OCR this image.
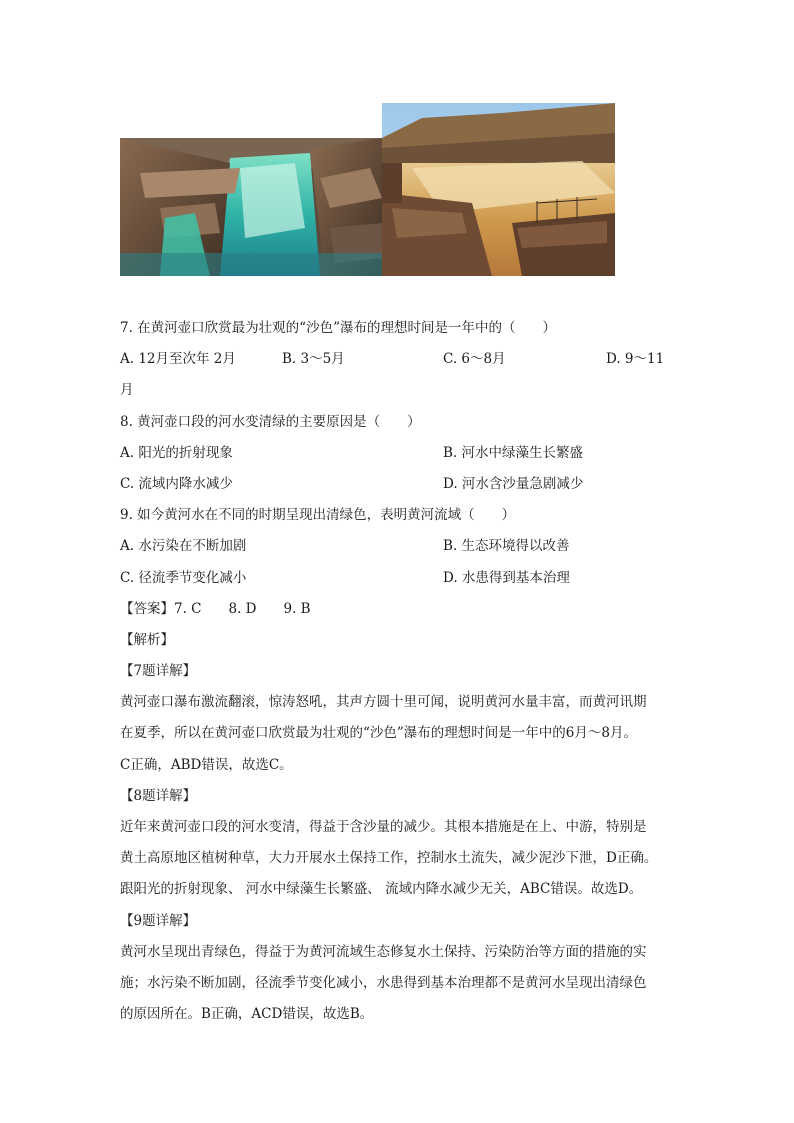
7. 在黄河壶口欣赏最为壮观的“沙色”瀑布的理想时间是一年中的（　　）
A. 12月至次年 2月	B. 3～5月	C. 6～8月	D. 9～11
月
8. 黄河壶口段的河水变清绿的主要原因是（　　）
A. 阳光的折射现象	B. 河水中绿藻生长繁盛
C. 流域内降水减少	D. 河水含沙量急剧减少
9. 如今黄河水在不同的时期呈现出清绿色，表明黄河流域（　　）
A. 水污染在不断加剧	B. 生态环境得以改善
C. 径流季节变化减小	D. 水患得到基本治理
【答案】7. C　　8. D　　9. B
【解析】
【7题详解】
黄河壶口瀑布激流翻滚，惊涛怒吼，其声方圆十里可闻，说明黄河水量丰富，而黄河讯期
在夏季，所以在黄河壶口欣赏最为壮观的“沙色”瀑布的理想时间是一年中的6月～8月。
C正确，ABD错误，故选C。
【8题详解】
近年来黄河壶口段的河水变清，得益于含沙量的减少。其根本措施是在上、中游，特别是
黄土高原地区植树种草，大力开展水土保持工作，控制水土流失，减少泥沙下泄，D正确。
跟阳光的折射现象、 河水中绿藻生长繁盛、 流域内降水减少无关，ABC错误。故选D。
【9题详解】
黄河水呈现出青绿色，得益于为黄河流域生态修复水土保持、污染防治等方面的措施的实
施；水污染不断加剧，径流季节变化减小，水患得到基本治理都不是黄河水呈现出清绿色
的原因所在。B正确，ACD错误，故选B。
